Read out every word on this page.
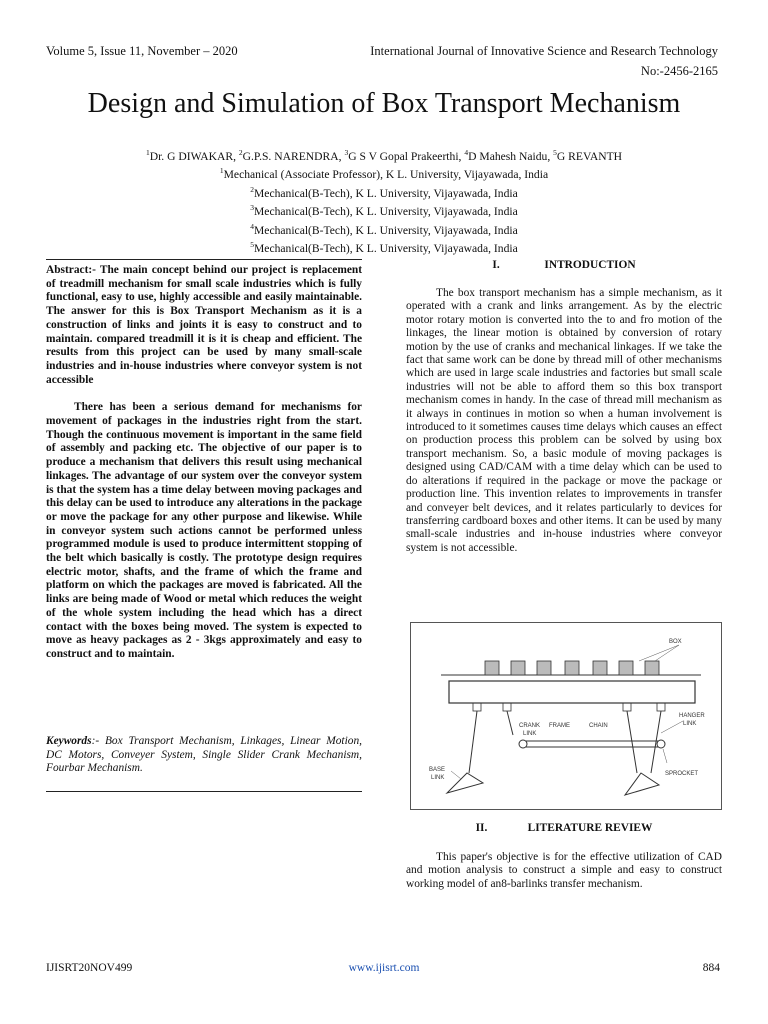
Volume 5, Issue 11, November – 2020	International Journal of Innovative Science and Research Technology
No:-2456-2165
Design and Simulation of Box Transport Mechanism
$^1$Dr. G DIWAKAR, $^2$G.P.S. NARENDRA, $^3$G S V Gopal Prakeerthi, $^4$D Mahesh Naidu, $^5$G REVANTH
$^1$Mechanical (Associate Professor), K L. University, Vijayawada, India
$^2$Mechanical(B-Tech), K L. University, Vijayawada, India
$^3$Mechanical(B-Tech), K L. University, Vijayawada, India
$^4$Mechanical(B-Tech), K L. University, Vijayawada, India
$^5$Mechanical(B-Tech), K L. University, Vijayawada, India

Abstract:- The main concept behind our project is replacement of treadmill mechanism for small scale industries which is fully functional, easy to use, highly accessible and easily maintainable. The answer for this is Box Transport Mechanism as it is a construction of links and joints it is easy to construct and to maintain. compared treadmill it is it is cheap and efficient. The results from this project can be used by many small-scale industries and in-house industries where conveyor system is not accessible

There has been a serious demand for mechanisms for movement of packages in the industries right from the start. Though the continuous movement is important in the same field of assembly and packing etc. The objective of our paper is to produce a mechanism that delivers this result using mechanical linkages. The advantage of our system over the conveyor system is that the system has a time delay between moving packages and this delay can be used to introduce any alterations in the package or move the package for any other purpose and likewise. While in conveyor system such actions cannot be performed unless programmed module is used to produce intermittent stopping of the belt which basically is costly. The prototype design requires electric motor, shafts, and the frame of which the frame and platform on which the packages are moved is fabricated. All the links are being made of Wood or metal which reduces the weight of the whole system including the head which has a direct contact with the boxes being moved. The system is expected to move as heavy packages as 2 - 3kgs approximately and easy to construct and to maintain.

Keywords:- Box Transport Mechanism, Linkages, Linear Motion, DC Motors, Conveyer System, Single Slider Crank Mechanism, Fourbar Mechanism.
I.	INTRODUCTION

The box transport mechanism has a simple mechanism, as it operated with a crank and links arrangement. As by the electric motor rotary motion is converted into the to and fro motion of the linkages, the linear motion is obtained by conversion of rotary motion by the use of cranks and mechanical linkages. If we take the fact that same work can be done by thread mill of other mechanisms which are used in large scale industries and factories but small scale industries will not be able to afford them so this box transport mechanism comes in handy. In the case of thread mill mechanism as it always in continues in motion so when a human involvement is introduced to it sometimes causes time delays which causes an effect on production process this problem can be solved by using box transport mechanism. So, a basic module of moving packages is designed using CAD/CAM with a time delay which can be used to do alterations if required in the package or move the package or production line. This invention relates to improvements in transfer and conveyer belt devices, and it relates particularly to devices for transferring cardboard boxes and other items. It can be used by many small-scale industries and in-house industries where conveyor system is not accessible.

BOX
HANGER
LINK
CRANK
LINK
FRAME	CHAIN
BASE
LINK
SPROCKET
II.	LITERATURE REVIEW

This paper's objective is for the effective utilization of CAD and motion analysis to construct a simple and easy to construct working model of an8-barlinks transfer mechanism.

IJISRT20NOV499	www.ijisrt.com	884
